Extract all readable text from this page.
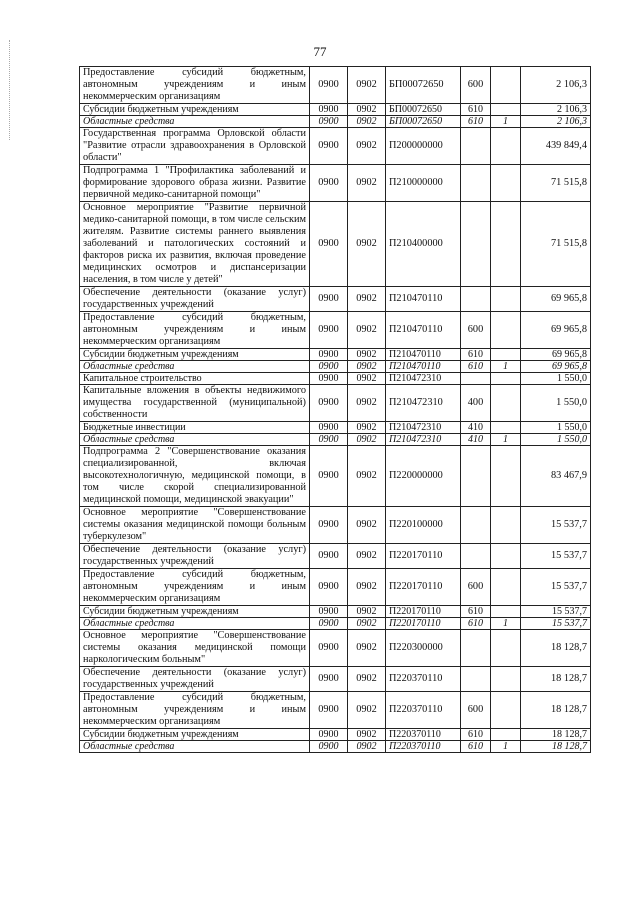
77
Предоставление субсидий бюджетным, автономным учреждениям и иным некоммерческим организациям	0900	0902	БП00072650	600		2 106,3
Субсидии бюджетным учреждениям	0900	0902	БП00072650	610		2 106,3
Областные средства	0900	0902	БП00072650	610	1	2 106,3
Государственная программа Орловской области "Развитие отрасли здравоохранения в Орловской области"	0900	0902	П200000000			439 849,4
Подпрограмма 1 "Профилактика заболеваний и формирование здорового образа жизни. Развитие первичной медико-санитарной помощи"	0900	0902	П210000000			71 515,8
Основное мероприятие "Развитие первичной медико-санитарной помощи, в том числе сельским жителям. Развитие системы раннего выявления заболеваний и патологических состояний и факторов риска их развития, включая проведение медицинских осмотров и диспансеризации населения, в том числе у детей"	0900	0902	П210400000			71 515,8
Обеспечение деятельности (оказание услуг) государственных учреждений	0900	0902	П210470110			69 965,8
Предоставление субсидий бюджетным, автономным учреждениям и иным некоммерческим организациям	0900	0902	П210470110	600		69 965,8
Субсидии бюджетным учреждениям	0900	0902	П210470110	610		69 965,8
Областные средства	0900	0902	П210470110	610	1	69 965,8
Капитальное строительство	0900	0902	П210472310			1 550,0
Капитальные вложения в объекты недвижимого имущества государственной (муниципальной) собственности	0900	0902	П210472310	400		1 550,0
Бюджетные инвестиции	0900	0902	П210472310	410		1 550,0
Областные средства	0900	0902	П210472310	410	1	1 550,0
Подпрограмма 2 "Совершенствование оказания специализированной, включая высокотехнологичную, медицинской помощи, в том числе скорой специализированной медицинской помощи, медицинской эвакуации"	0900	0902	П220000000			83 467,9
Основное мероприятие "Совершенствование системы оказания медицинской помощи больным туберкулезом"	0900	0902	П220100000			15 537,7
Обеспечение деятельности (оказание услуг) государственных учреждений	0900	0902	П220170110			15 537,7
Предоставление субсидий бюджетным, автономным учреждениям и иным некоммерческим организациям	0900	0902	П220170110	600		15 537,7
Субсидии бюджетным учреждениям	0900	0902	П220170110	610		15 537,7
Областные средства	0900	0902	П220170110	610	1	15 537,7
Основное мероприятие "Совершенствование системы оказания медицинской помощи наркологическим больным"	0900	0902	П220300000			18 128,7
Обеспечение деятельности (оказание услуг) государственных учреждений	0900	0902	П220370110			18 128,7
Предоставление субсидий бюджетным, автономным учреждениям и иным некоммерческим организациям	0900	0902	П220370110	600		18 128,7
Субсидии бюджетным учреждениям	0900	0902	П220370110	610		18 128,7
Областные средства	0900	0902	П220370110	610	1	18 128,7
